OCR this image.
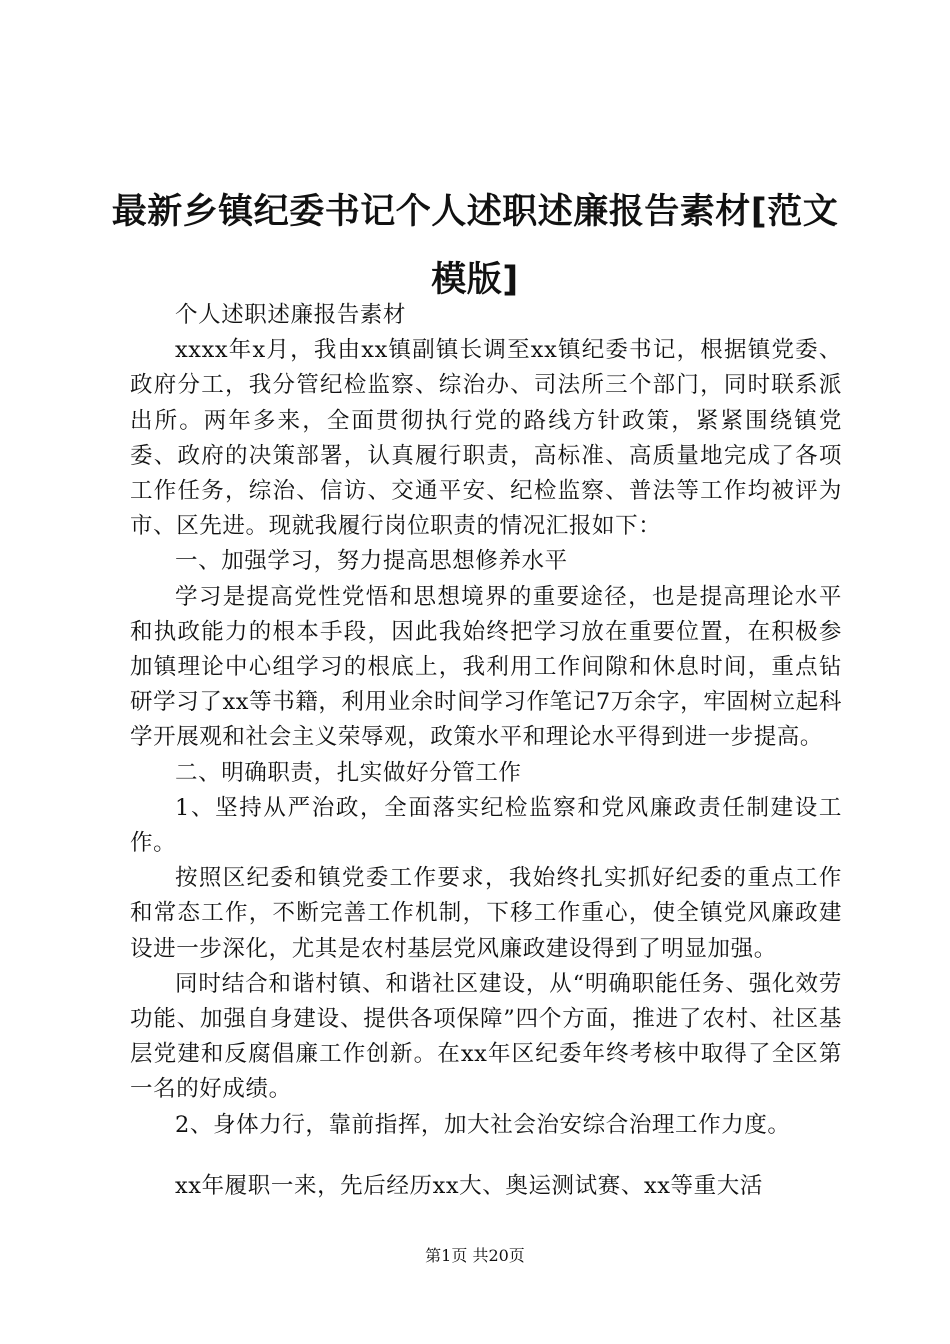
最新乡镇纪委书记个人述职述廉报告素材[范文模版]

个人述职述廉报告素材

xxxx年x月，我由xx镇副镇长调至xx镇纪委书记，根据镇党委、政府分工，我分管纪检监察、综治办、司法所三个部门，同时联系派出所。两年多来，全面贯彻执行党的路线方针政策，紧紧围绕镇党委、政府的决策部署，认真履行职责，高标准、高质量地完成了各项工作任务，综治、信访、交通平安、纪检监察、普法等工作均被评为市、区先进。现就我履行岗位职责的情况汇报如下：

一、加强学习，努力提高思想修养水平

学习是提高党性党悟和思想境界的重要途径，也是提高理论水平和执政能力的根本手段，因此我始终把学习放在重要位置，在积极参加镇理论中心组学习的根底上，我利用工作间隙和休息时间，重点钻研学习了xx等书籍，利用业余时间学习作笔记7万余字，牢固树立起科学开展观和社会主义荣辱观，政策水平和理论水平得到进一步提高。

二、明确职责，扎实做好分管工作

1、坚持从严治政，全面落实纪检监察和党风廉政责任制建设工作。

按照区纪委和镇党委工作要求，我始终扎实抓好纪委的重点工作和常态工作，不断完善工作机制，下移工作重心，使全镇党风廉政建设进一步深化，尤其是农村基层党风廉政建设得到了明显加强。

同时结合和谐村镇、和谐社区建设，从“明确职能任务、强化效劳功能、加强自身建设、提供各项保障”四个方面，推进了农村、社区基层党建和反腐倡廉工作创新。在xx年区纪委年终考核中取得了全区第一名的好成绩。

2、身体力行，靠前指挥，加大社会治安综合治理工作力度。

xx年履职一来，先后经历xx大、奥运测试赛、xx等重大活

第1页 共20页
